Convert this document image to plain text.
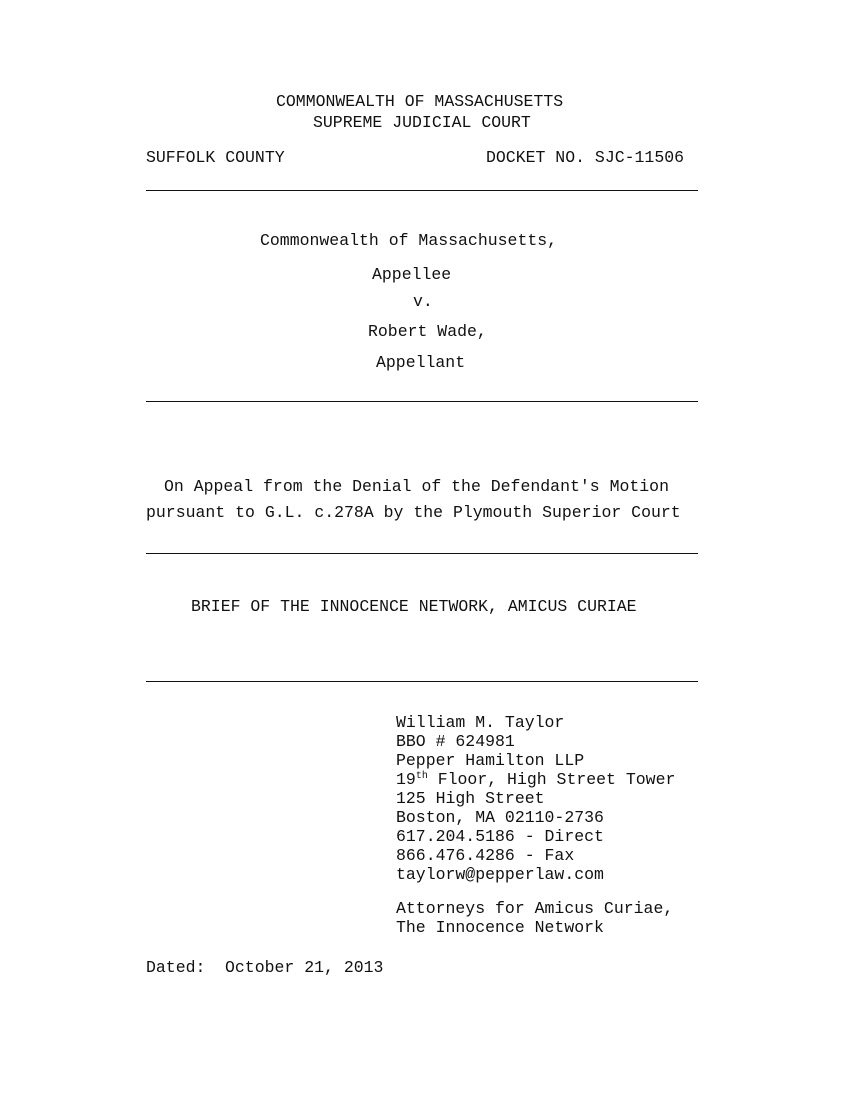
COMMONWEALTH OF MASSACHUSETTS
SUPREME JUDICIAL COURT
SUFFOLK COUNTY	DOCKET NO. SJC-11506
Commonwealth of Massachusetts,
Appellee
v.
Robert Wade,
Appellant
On Appeal from the Denial of the Defendant's Motion
pursuant to G.L. c.278A by the Plymouth Superior Court
BRIEF OF THE INNOCENCE NETWORK, AMICUS CURIAE
William M. Taylor
BBO # 624981
Pepper Hamilton LLP
19th Floor, High Street Tower
125 High Street
Boston, MA 02110-2736
617.204.5186 - Direct
866.476.4286 - Fax
taylorw@pepperlaw.com
Attorneys for Amicus Curiae,
The Innocence Network
Dated: October 21, 2013
